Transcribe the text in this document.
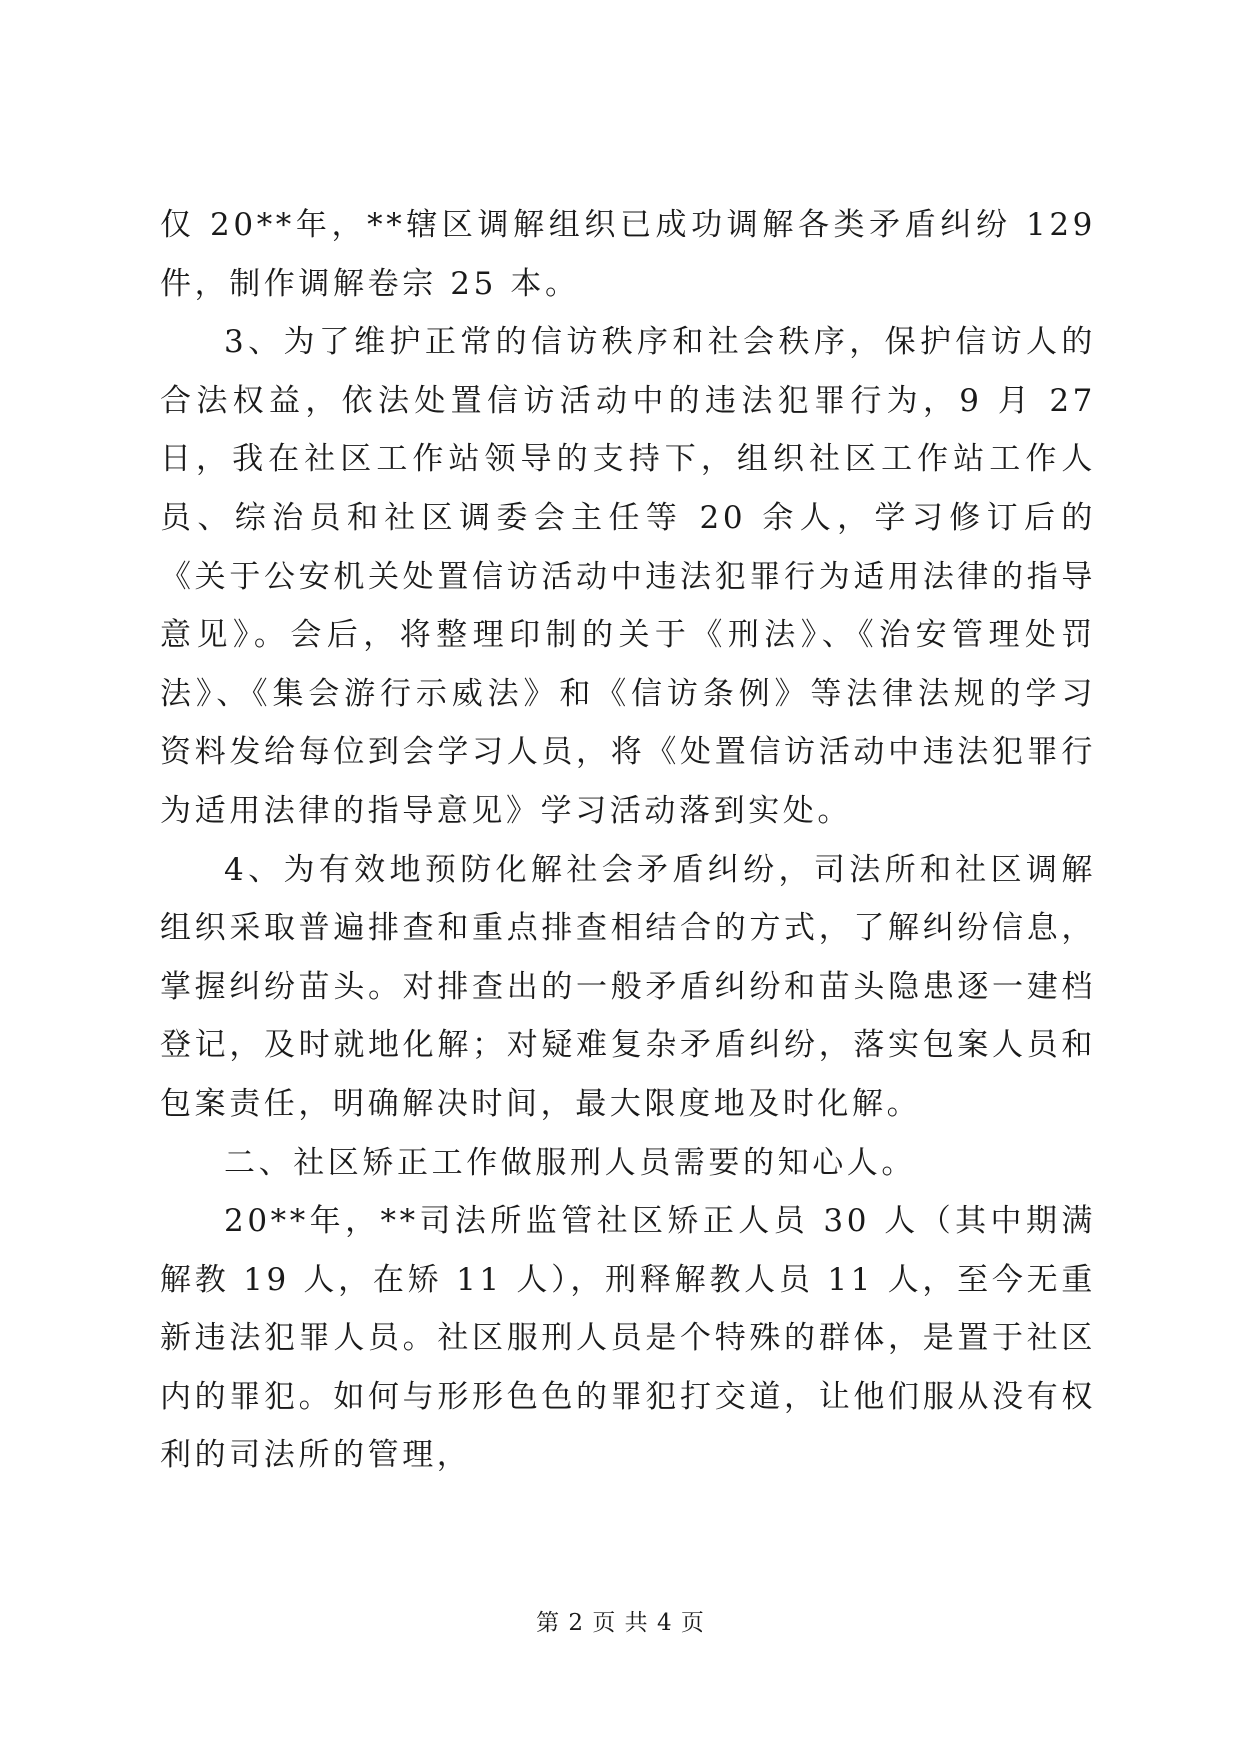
仅 20**年，**辖区调解组织已成功调解各类矛盾纠纷 129 件，制作调解卷宗 25 本。

3、为了维护正常的信访秩序和社会秩序，保护信访人的合法权益，依法处置信访活动中的违法犯罪行为，9 月 27 日，我在社区工作站领导的支持下，组织社区工作站工作人员、综治员和社区调委会主任等 20 余人，学习修订后的《关于公安机关处置信访活动中违法犯罪行为适用法律的指导意见》。会后，将整理印制的关于《刑法》、《治安管理处罚法》、《集会游行示威法》和《信访条例》等法律法规的学习资料发给每位到会学习人员，将《处置信访活动中违法犯罪行为适用法律的指导意见》学习活动落到实处。

4、为有效地预防化解社会矛盾纠纷，司法所和社区调解组织采取普遍排查和重点排查相结合的方式，了解纠纷信息，掌握纠纷苗头。对排查出的一般矛盾纠纷和苗头隐患逐一建档登记，及时就地化解；对疑难复杂矛盾纠纷，落实包案人员和包案责任，明确解决时间，最大限度地及时化解。

二、社区矫正工作做服刑人员需要的知心人。

20**年，**司法所监管社区矫正人员 30 人（其中期满解教 19 人，在矫 11 人），刑释解教人员 11 人，至今无重新违法犯罪人员。社区服刑人员是个特殊的群体，是置于社区内的罪犯。如何与形形色色的罪犯打交道，让他们服从没有权利的司法所的管理，

第 2 页 共 4 页
